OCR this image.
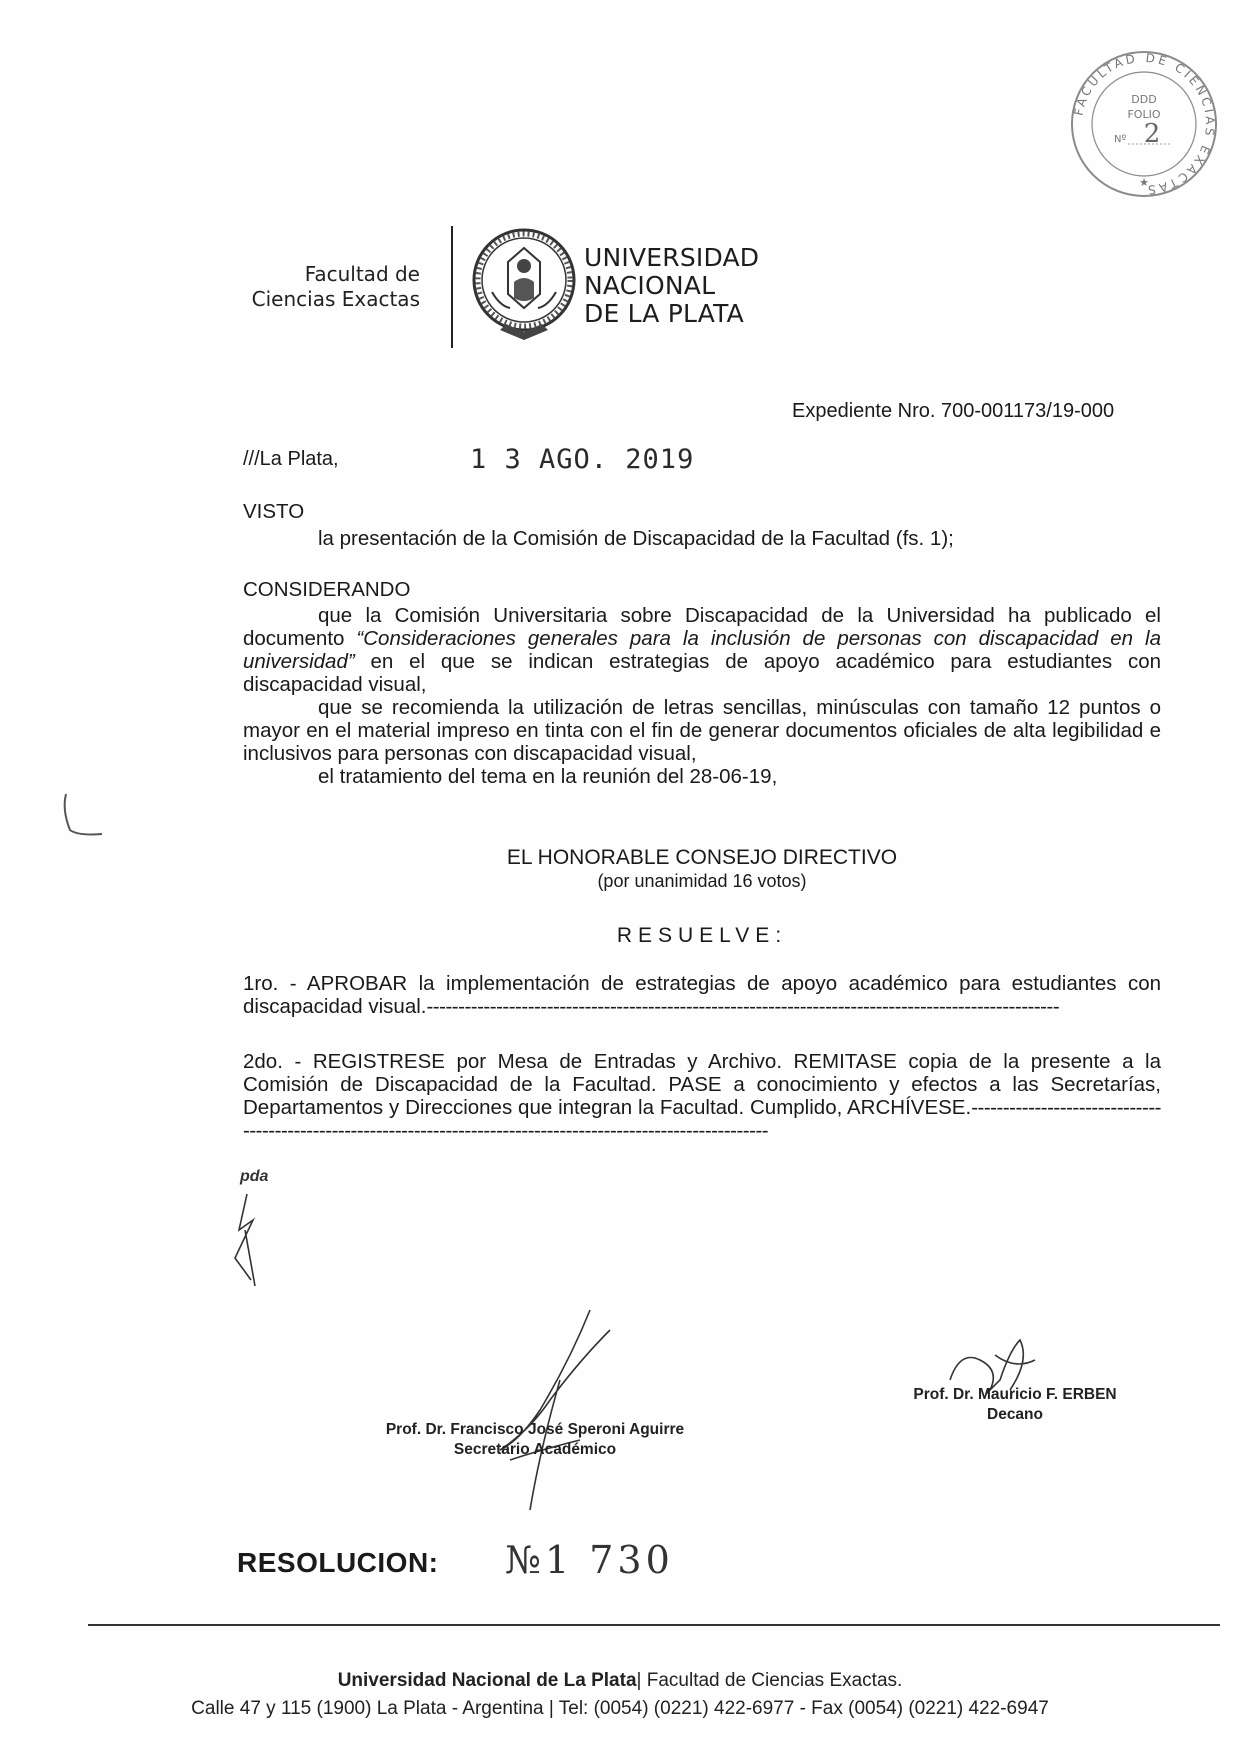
FACULTAD DE CIENCIAS EXACTAS
DDD
FOLIO
Nº 2
★
Facultad de
Ciencias Exactas
UNIVERSIDAD
NACIONAL
DE LA PLATA
Expediente Nro. 700-001173/19-000
///La Plata,	1 3 AGO. 2019
VISTO
la presentación de la Comisión de Discapacidad de la Facultad (fs. 1);
CONSIDERANDO
que la Comisión Universitaria sobre Discapacidad de la Universidad ha publicado el documento “Consideraciones generales para la inclusión de personas con discapacidad en la universidad” en el que se indican estrategias de apoyo académico para estudiantes con discapacidad visual,
que se recomienda la utilización de letras sencillas, minúsculas con tamaño 12 puntos o mayor en el material impreso en tinta con el fin de generar documentos oficiales de alta legibilidad e inclusivos para personas con discapacidad visual,
el tratamiento del tema en la reunión del 28-06-19,
EL HONORABLE CONSEJO DIRECTIVO
(por unanimidad 16 votos)
RESUELVE:
1ro. - APROBAR la implementación de estrategias de apoyo académico para estudiantes con discapacidad visual.----------------------------------------------------------------------------------------------------
2do. - REGISTRESE por Mesa de Entradas y Archivo. REMITASE copia de la presente a la Comisión de Discapacidad de la Facultad. PASE a conocimiento y efectos a las Secretarías, Departamentos y Direcciones que integran la Facultad. Cumplido, ARCHÍVESE.-----------------------------------------------------------------------------------------------------------------
pda
Prof. Dr. Francisco José Speroni Aguirre
Secretario Académico
Prof. Dr. Mauricio F. ERBEN
Decano
RESOLUCION: №1 730
Universidad Nacional de La Plata| Facultad de Ciencias Exactas.
Calle 47 y 115 (1900) La Plata - Argentina | Tel: (0054) (0221) 422-6977 - Fax (0054) (0221) 422-6947
